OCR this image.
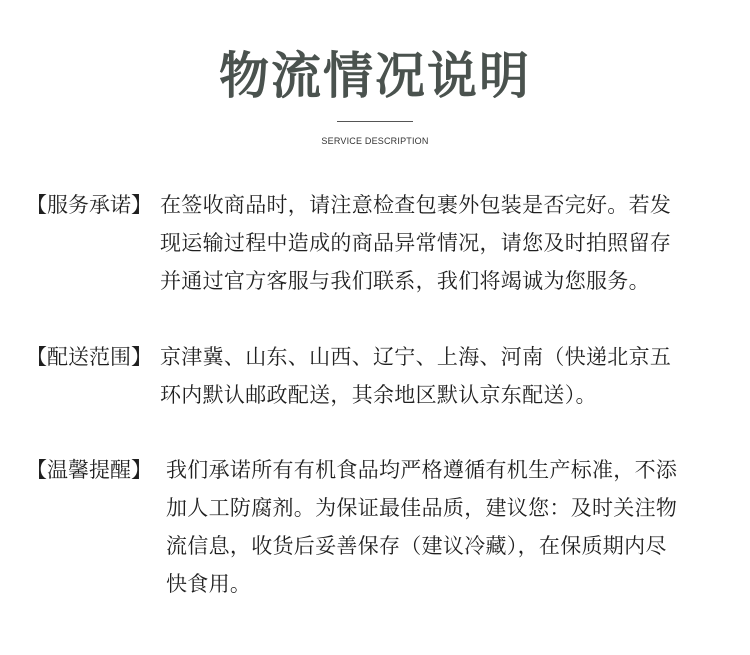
物流情况说明
SERVICE DESCRIPTION
【服务承诺】 在签收商品时，请注意检查包裹外包装是否完好。若发
现运输过程中造成的商品异常情况，请您及时拍照留存
并通过官方客服与我们联系，我们将竭诚为您服务。
【配送范围】 京津冀、山东、山西、辽宁、上海、河南（快递北京五
环内默认邮政配送，其余地区默认京东配送）。
【温馨提醒】 我们承诺所有有机食品均严格遵循有机生产标准，不添
加人工防腐剂。为保证最佳品质，建议您：及时关注物
流信息，收货后妥善保存（建议冷藏），在保质期内尽
快食用。
